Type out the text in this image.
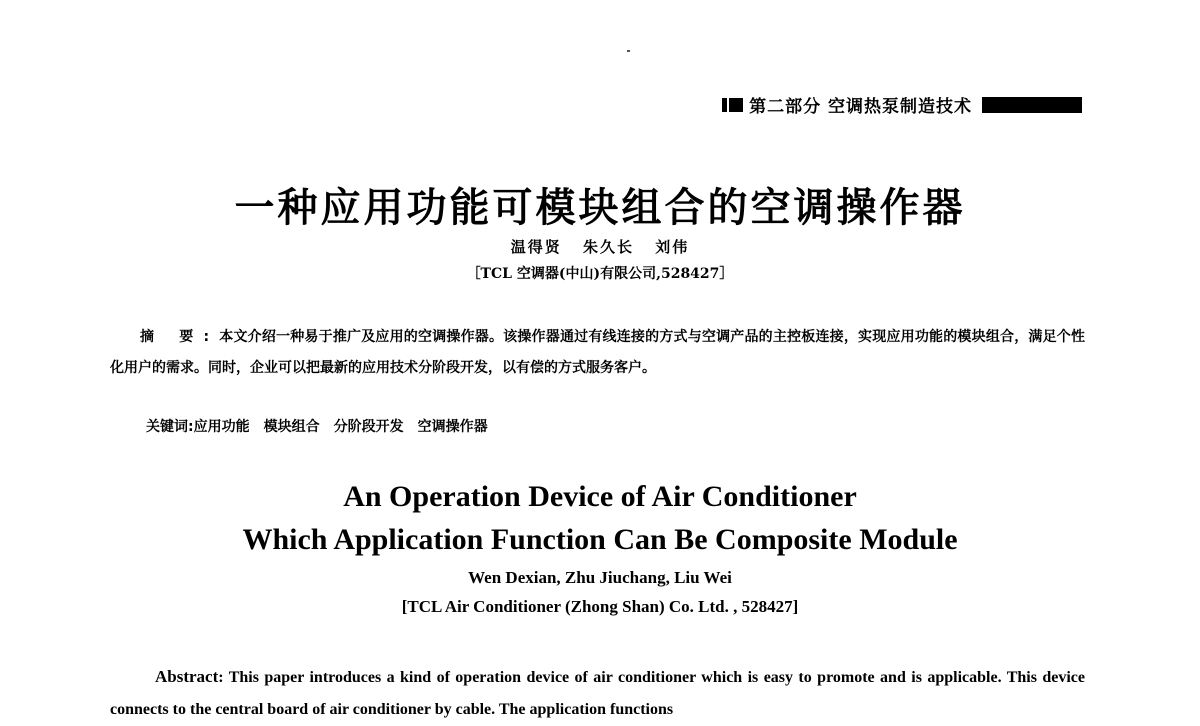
第二部分 空调热泵制造技术
一种应用功能可模块组合的空调操作器
温得贤 朱久长 刘伟
［TCL 空调器(中山)有限公司,528427］
摘 要:本文介绍一种易于推广及应用的空调操作器。该操作器通过有线连接的方式与空调产品的主控板连接，实现应用功能的模块组合，满足个性化用户的需求。同时，企业可以把最新的应用技术分阶段开发，以有偿的方式服务客户。
关键词:应用功能 模块组合 分阶段开发 空调操作器
An Operation Device of Air Conditioner
Which Application Function Can Be Composite Module
Wen Dexian, Zhu Jiuchang, Liu Wei
[TCL Air Conditioner (Zhong Shan) Co. Ltd. , 528427]
Abstract: This paper introduces a kind of operation device of air conditioner which is easy to promote and is applicable. This device connects to the central board of air conditioner by cable. The application functions
